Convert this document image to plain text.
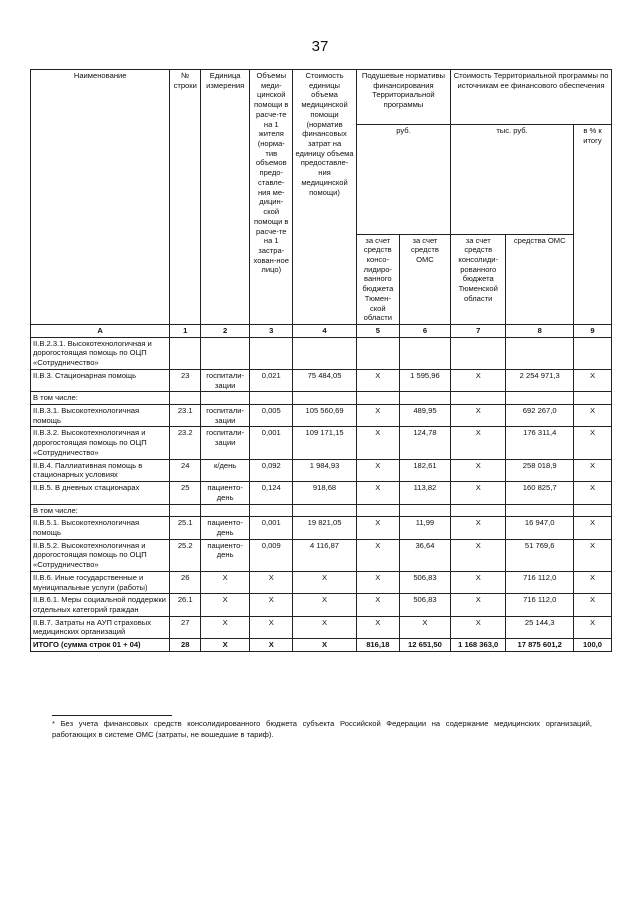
37
Наименование	№ строки	Единица измерения	Объемы меди-цинской помощи в расче-те на 1 жителя (норма-тив объемов предо-ставле-ния ме-дицин-ской помощи в расче-те на 1 застра-хован-ное лицо)	Стоимость единицы объема медицинской помощи (норматив финансовых затрат на единицу объема предоставле-ния медицинской помощи)	Подушевые нормативы финансирования Территориальной программы		Стоимость Территориальной программы по источникам ее финансового обеспечения		
					руб.		тыс. руб.		в % к итогу

					за счет средств консо-лидиро-ванного бюджета Тюмен-ской области	за счет средств ОМС	за счет средств консолиди-рованного бюджета Тюменской области	средства ОМС	
А	1	2	3	4	5	6	7	8	9
II.В.2.3.1. Высокотехнологичная и дорогостоящая помощь по ОЦП «Сотрудничество»									
II.В.3. Стационарная помощь	23	госпитали-зации	0,021	75 484,05	Х	1 595,96	Х	2 254 971,3	Х
В том числе:									
II.В.3.1. Высокотехнологичная помощь	23.1	госпитали-зации	0,005	105 560,69	Х	489,95	Х	692 267,0	Х
II.В.3.2. Высокотехнологичная и дорогостоящая помощь по ОЦП «Сотрудничество»	23.2	госпитали-зации	0,001	109 171,15	Х	124,78	Х	176 311,4	Х
II.В.4. Паллиативная помощь в стационарных условиях	24	к/день	0,092	1 984,93	Х	182,61	Х	258 018,9	Х
II.В.5. В дневных стационарах	25	пациенто-день	0,124	918,68	Х	113,82	Х	160 825,7	Х
В том числе:									
II.В.5.1. Высокотехнологичная помощь	25.1	пациенто-день	0,001	19 821,05	Х	11,99	Х	16 947,0	Х
II.В.5.2. Высокотехнологичная и дорогостоящая помощь по ОЦП «Сотрудничество»	25.2	пациенто-день	0,009	4 116,87	Х	36,64	Х	51 769,6	Х
II.В.6. Иные государственные и муниципальные услуги (работы)	26	Х	Х	Х	Х	506,83	Х	716 112,0	Х
II.В.6.1. Меры социальной поддержки отдельных категорий граждан	26.1	Х	Х	Х	Х	506,83	Х	716 112,0	Х
II.В.7. Затраты на АУП страховых медицинских организаций	27	Х	Х	Х	Х	Х	Х	25 144,3	Х
ИТОГО (сумма строк 01 + 04)	28	Х	Х	Х	816,18	12 651,50	1 168 363,0	17 875 601,2	100,0
* Без учета финансовых средств консолидированного бюджета субъекта Российской Федерации на содержание медицинских организаций, работающих в системе ОМС (затраты, не вошедшие в тариф).
